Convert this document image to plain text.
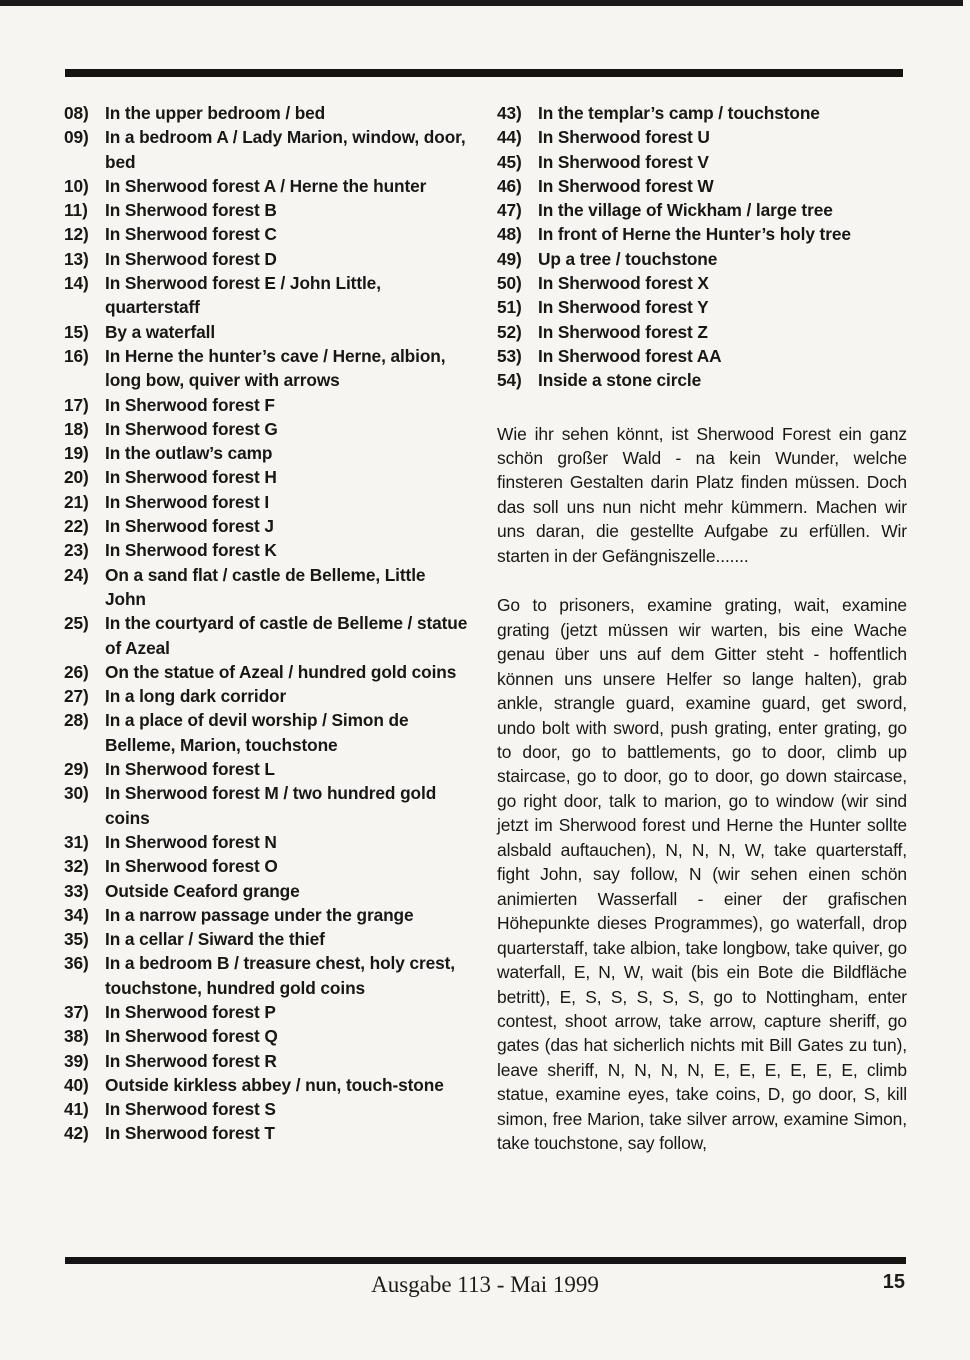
08) In the upper bedroom / bed
09) In a bedroom A / Lady Marion, window, door, bed
10) In Sherwood forest A / Herne the hunter
11) In Sherwood forest B
12) In Sherwood forest C
13) In Sherwood forest D
14) In Sherwood forest E / John Little, quarterstaff
15) By a waterfall
16) In Herne the hunter’s cave / Herne, albion, long bow, quiver with arrows
17) In Sherwood forest F
18) In Sherwood forest G
19) In the outlaw’s camp
20) In Sherwood forest H
21) In Sherwood forest I
22) In Sherwood forest J
23) In Sherwood forest K
24) On a sand flat / castle de Belleme, Little John
25) In the courtyard of castle de Belleme / statue of Azeal
26) On the statue of Azeal / hundred gold coins
27) In a long dark corridor
28) In a place of devil worship / Simon de Belleme, Marion, touchstone
29) In Sherwood forest L
30) In Sherwood forest M / two hundred gold coins
31) In Sherwood forest N
32) In Sherwood forest O
33) Outside Ceaford grange
34) In a narrow passage under the grange
35) In a cellar / Siward the thief
36) In a bedroom B / treasure chest, holy crest, touchstone, hundred gold coins
37) In Sherwood forest P
38) In Sherwood forest Q
39) In Sherwood forest R
40) Outside kirkless abbey / nun, touch-stone
41) In Sherwood forest S
42) In Sherwood forest T
43) In the templar’s camp / touchstone
44) In Sherwood forest U
45) In Sherwood forest V
46) In Sherwood forest W
47) In the village of Wickham / large tree
48) In front of Herne the Hunter’s holy tree
49) Up a tree / touchstone
50) In Sherwood forest X
51) In Sherwood forest Y
52) In Sherwood forest Z
53) In Sherwood forest AA
54) Inside a stone circle

Wie ihr sehen könnt, ist Sherwood Forest ein ganz schön großer Wald - na kein Wunder, welche finsteren Gestalten darin Platz finden müssen. Doch das soll uns nun nicht mehr kümmern. Machen wir uns daran, die gestellte Aufgabe zu erfüllen. Wir starten in der Gefängniszelle.......

Go to prisoners, examine grating, wait, examine grating (jetzt müssen wir warten, bis eine Wache genau über uns auf dem Gitter steht - hoffentlich können uns unsere Helfer so lange halten), grab ankle, strangle guard, examine guard, get sword, undo bolt with sword, push grating, enter grating, go to door, go to battlements, go to door, climb up staircase, go to door, go to door, go down staircase, go right door, talk to marion, go to window (wir sind jetzt im Sherwood forest und Herne the Hunter sollte alsbald auftauchen), N, N, N, W, take quarterstaff, fight John, say follow, N (wir sehen einen schön animierten Wasserfall - einer der grafischen Höhepunkte dieses Programmes), go waterfall, drop quarterstaff, take albion, take longbow, take quiver, go waterfall, E, N, W, wait (bis ein Bote die Bildfläche betritt), E, S, S, S, S, S, go to Nottingham, enter contest, shoot arrow, take arrow, capture sheriff, go gates (das hat sicherlich nichts mit Bill Gates zu tun), leave sheriff, N, N, N, N, E, E, E, E, E, E, climb statue, examine eyes, take coins, D, go door, S, kill simon, free Marion, take silver arrow, examine Simon, take touchstone, say follow,

Ausgabe 113 - Mai 1999	15
